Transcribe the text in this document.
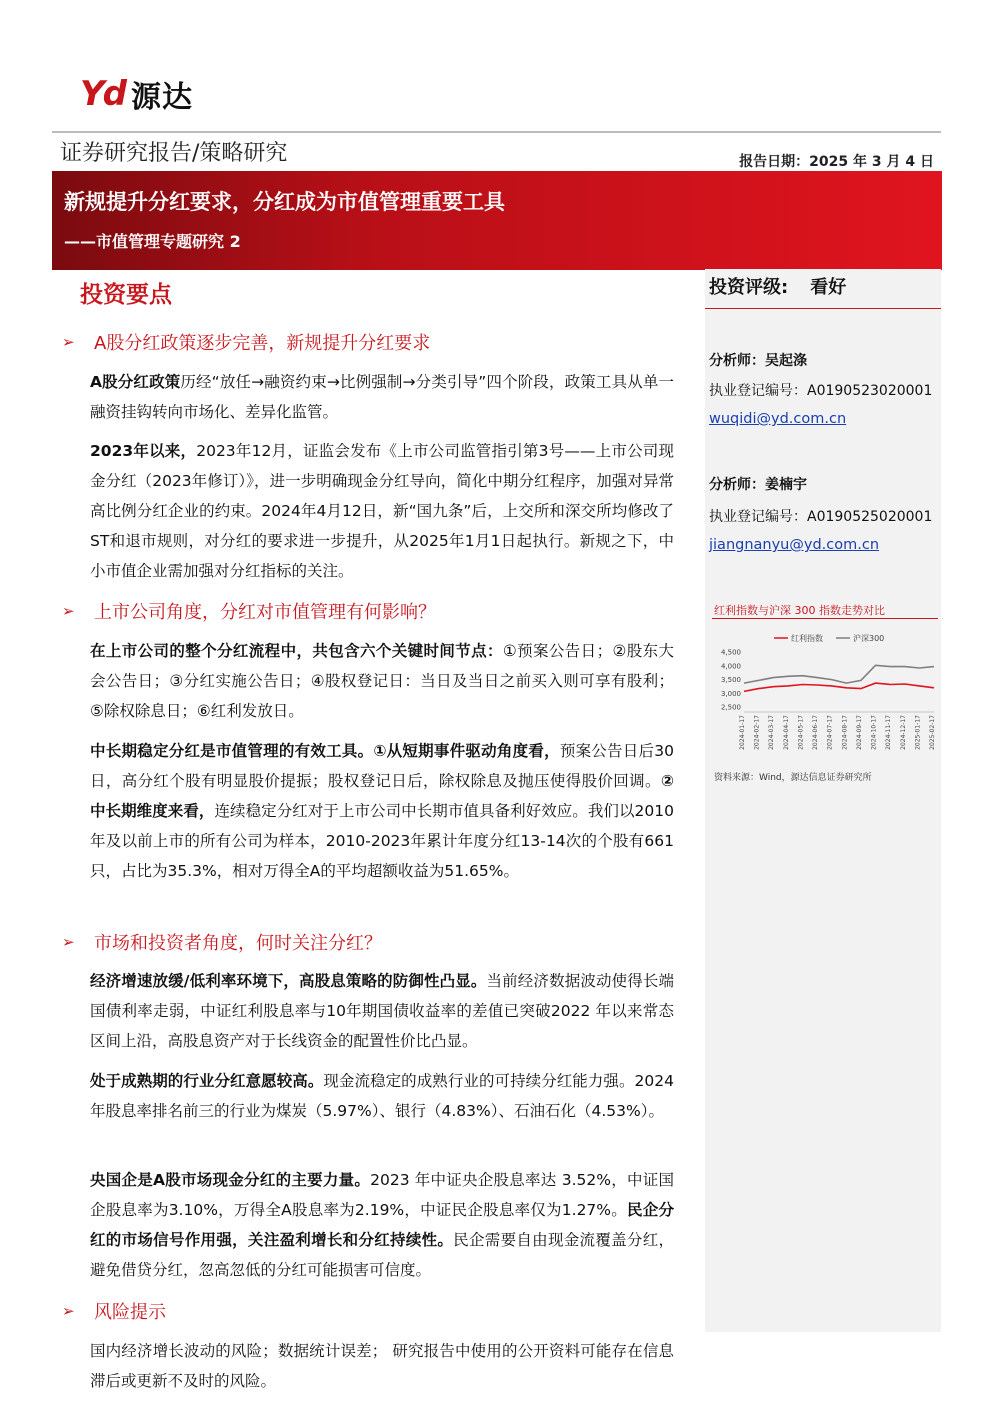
Yd 源达
证券研究报告/策略研究	报告日期：2025 年 3 月 4 日
新规提升分红要求，分红成为市值管理重要工具
——市值管理专题研究 2
投资评级: 看好
分析师：吴起涤
执业登记编号：A0190523020001
wuqidi@yd.com.cn
分析师：姜楠宇
执业登记编号：A0190525020001
jiangnanyu@yd.com.cn
红利指数与沪深 300 指数走势对比
红利指数	沪深300
2,500
3,000
3,500
4,000
4,500
2024-01-17 2024-02-17 2024-03-17 2024-04-17 2024-05-17 2024-06-17 2024-07-17 2024-08-17 2024-09-17 2024-10-17 2024-11-17 2024-12-17 2025-01-17 2025-02-17
资料来源：Wind，源达信息证券研究所
投资要点
➢	A股分红政策逐步完善，新规提升分红要求
A股分红政策历经“放任→融资约束→比例强制→分类引导”四个阶段，政策工具从单一融资挂钩转向市场化、差异化监管。
2023年以来，2023年12月，证监会发布《上市公司监管指引第3号——上市公司现金分红（2023年修订）》，进一步明确现金分红导向，简化中期分红程序，加强对异常高比例分红企业的约束。2024年4月12日，新“国九条”后，上交所和深交所均修改了ST和退市规则，对分红的要求进一步提升，从2025年1月1日起执行。新规之下，中小市值企业需加强对分红指标的关注。
➢	上市公司角度，分红对市值管理有何影响？
在上市公司的整个分红流程中，共包含六个关键时间节点：①预案公告日；②股东大会公告日；③分红实施公告日；④股权登记日：当日及当日之前买入则可享有股利；⑤除权除息日；⑥红利发放日。
中长期稳定分红是市值管理的有效工具。①从短期事件驱动角度看，预案公告日后30日，高分红个股有明显股价提振；股权登记日后，除权除息及抛压使得股价回调。②中长期维度来看，连续稳定分红对于上市公司中长期市值具备利好效应。我们以2010年及以前上市的所有公司为样本，2010-2023年累计年度分红13-14次的个股有661只，占比为35.3%，相对万得全A的平均超额收益为51.65%。
➢	市场和投资者角度，何时关注分红？
经济增速放缓/低利率环境下，高股息策略的防御性凸显。当前经济数据波动使得长端国债利率走弱，中证红利股息率与10年期国债收益率的差值已突破2022 年以来常态区间上沿，高股息资产对于长线资金的配置性价比凸显。
处于成熟期的行业分红意愿较高。现金流稳定的成熟行业的可持续分红能力强。2024年股息率排名前三的行业为煤炭（5.97%）、银行（4.83%）、石油石化（4.53%）。
央国企是A股市场现金分红的主要力量。2023 年中证央企股息率达 3.52%，中证国企股息率为3.10%，万得全A股息率为2.19%，中证民企股息率仅为1.27%。民企分红的市场信号作用强，关注盈利增长和分红持续性。民企需要自由现金流覆盖分红，避免借贷分红，忽高忽低的分红可能损害可信度。
➢	风险提示
国内经济增长波动的风险；数据统计误差； 研究报告中使用的公开资料可能存在信息滞后或更新不及时的风险。
